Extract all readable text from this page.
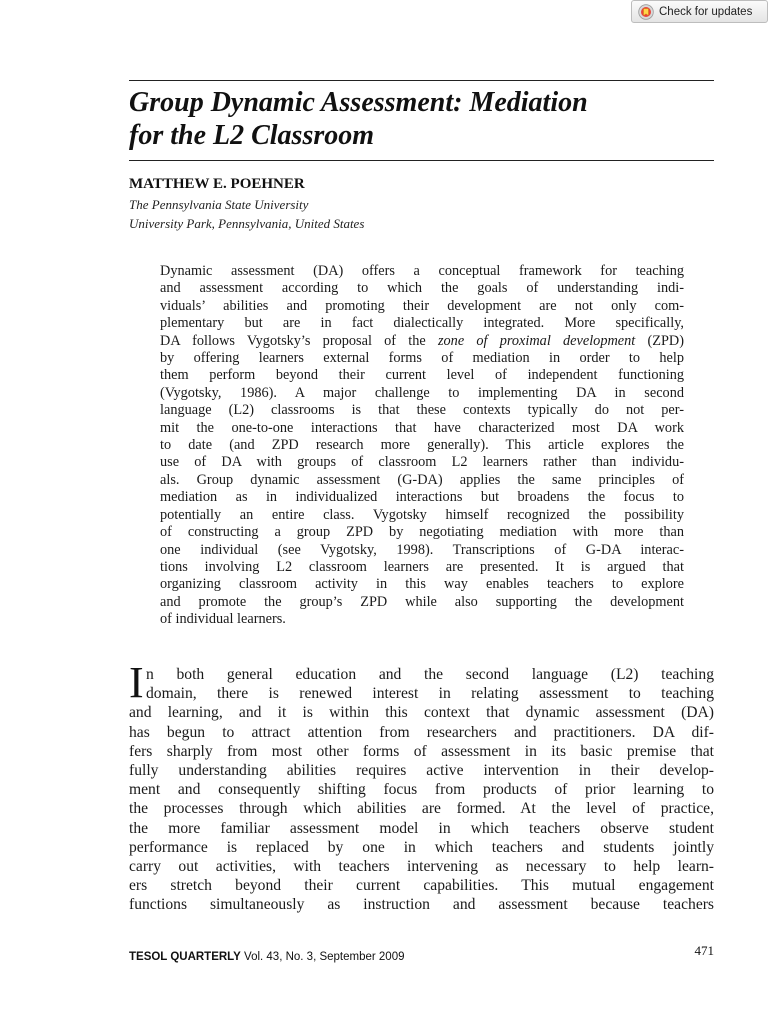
Check for updates
Group Dynamic Assessment: Mediation
for the L2 Classroom

MATTHEW E. POEHNER

The Pennsylvania State University

University Park, Pennsylvania, United States

Dynamic assessment (DA) offers a conceptual framework for teaching
and assessment according to which the goals of understanding indi-
viduals’ abilities and promoting their development are not only com-
plementary but are in fact dialectically integrated. More specifically,
DA follows Vygotsky’s proposal of the zone of proximal development (ZPD)
by offering learners external forms of mediation in order to help
them perform beyond their current level of independent functioning
(Vygotsky, 1986). A major challenge to implementing DA in second
language (L2) classrooms is that these contexts typically do not per-
mit the one-to-one interactions that have characterized most DA work
to date (and ZPD research more generally). This article explores the
use of DA with groups of classroom L2 learners rather than individu-
als. Group dynamic assessment (G-DA) applies the same principles of
mediation as in individualized interactions but broadens the focus to
potentially an entire class. Vygotsky himself recognized the possibility
of constructing a group ZPD by negotiating mediation with more than
one individual (see Vygotsky, 1998). Transcriptions of G-DA interac-
tions involving L2 classroom learners are presented. It is argued that
organizing classroom activity in this way enables teachers to explore
and promote the group’s ZPD while also supporting the development
of individual learners.
I n both general education and the second language (L2) teaching
domain, there is renewed interest in relating assessment to teaching
and learning, and it is within this context that dynamic assessment (DA)
has begun to attract attention from researchers and practitioners. DA dif-
fers sharply from most other forms of assessment in its basic premise that
fully understanding abilities requires active intervention in their develop-
ment and consequently shifting focus from products of prior learning to
the processes through which abilities are formed. At the level of practice,
the more familiar assessment model in which teachers observe student
performance is replaced by one in which teachers and students jointly
carry out activities, with teachers intervening as necessary to help learn-
ers stretch beyond their current capabilities. This mutual engagement
functions simultaneously as instruction and assessment because teachers
TESOL QUARTERLY Vol. 43, No. 3, September 2009	471
